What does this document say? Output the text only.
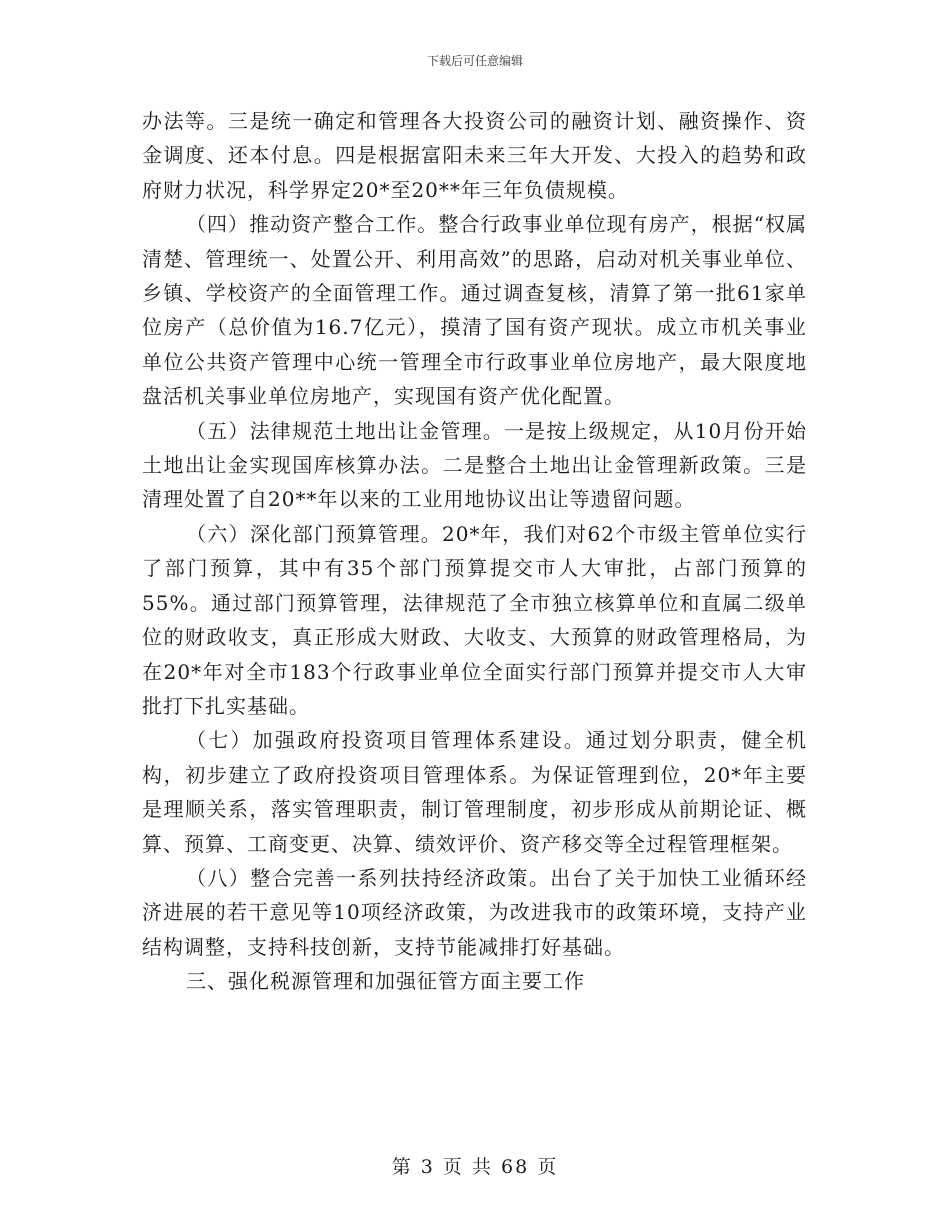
下载后可任意编辑

办法等。三是统一确定和管理各大投资公司的融资计划、融资操作、资金调度、还本付息。四是根据富阳未来三年大开发、大投入的趋势和政府财力状况，科学界定20*至20**年三年负债规模。

（四）推动资产整合工作。整合行政事业单位现有房产，根据“权属清楚、管理统一、处置公开、利用高效”的思路，启动对机关事业单位、乡镇、学校资产的全面管理工作。通过调查复核，清算了第一批61家单位房产（总价值为16.7亿元），摸清了国有资产现状。成立市机关事业单位公共资产管理中心统一管理全市行政事业单位房地产，最大限度地盘活机关事业单位房地产，实现国有资产优化配置。

（五）法律规范土地出让金管理。一是按上级规定，从10月份开始土地出让金实现国库核算办法。二是整合土地出让金管理新政策。三是清理处置了自20**年以来的工业用地协议出让等遗留问题。

（六）深化部门预算管理。20*年，我们对62个市级主管单位实行了部门预算，其中有35个部门预算提交市人大审批，占部门预算的55%。通过部门预算管理，法律规范了全市独立核算单位和直属二级单位的财政收支，真正形成大财政、大收支、大预算的财政管理格局，为在20*年对全市183个行政事业单位全面实行部门预算并提交市人大审批打下扎实基础。

（七）加强政府投资项目管理体系建设。通过划分职责，健全机构，初步建立了政府投资项目管理体系。为保证管理到位，20*年主要是理顺关系，落实管理职责，制订管理制度，初步形成从前期论证、概算、预算、工商变更、决算、绩效评价、资产移交等全过程管理框架。

（八）整合完善一系列扶持经济政策。出台了关于加快工业循环经济进展的若干意见等10项经济政策，为改进我市的政策环境，支持产业结构调整，支持科技创新，支持节能减排打好基础。

三、强化税源管理和加强征管方面主要工作

第 3 页 共 68 页
